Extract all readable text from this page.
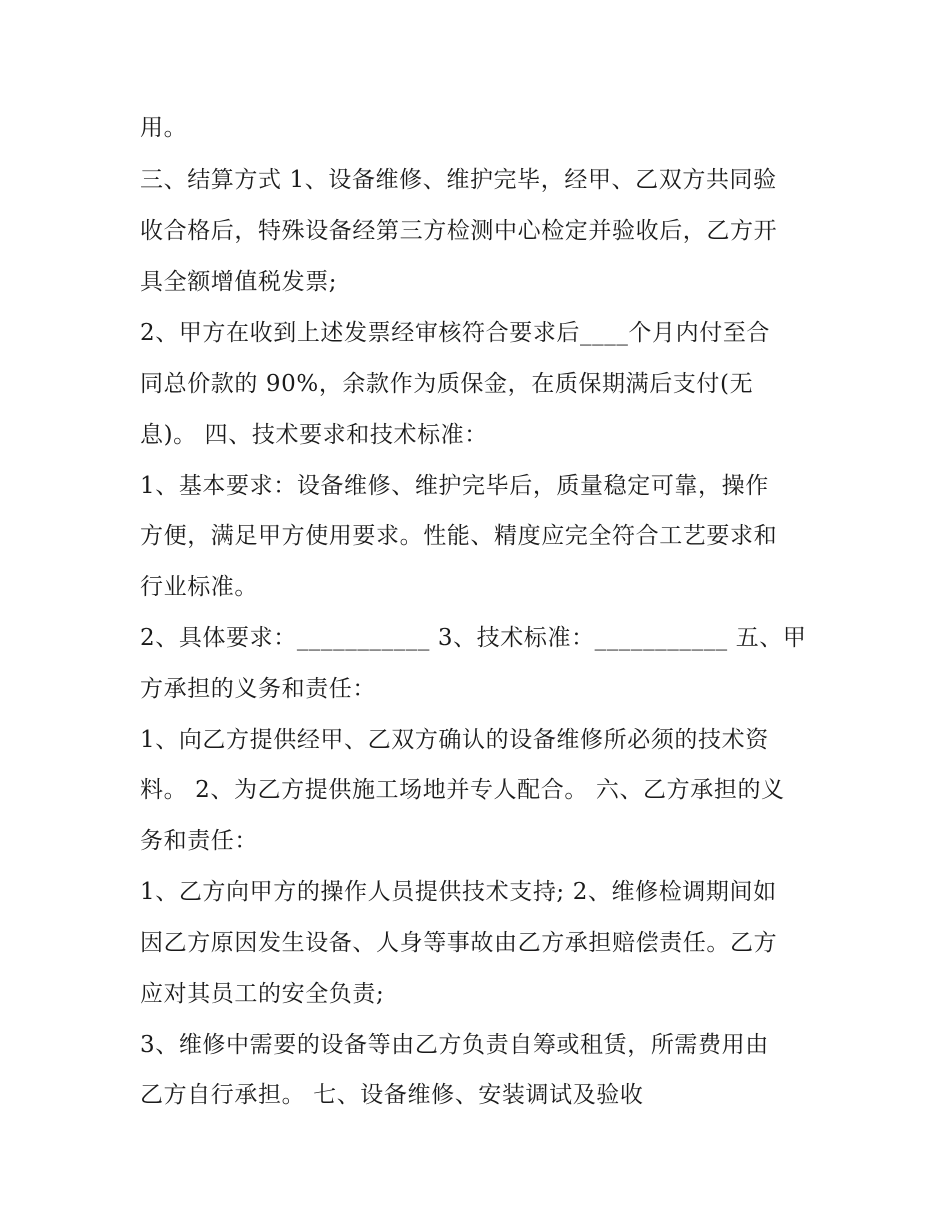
用。
三、结算方式 1、设备维修、维护完毕，经甲、乙双方共同验
收合格后，特殊设备经第三方检测中心检定并验收后，乙方开
具全额增值税发票;
2、甲方在收到上述发票经审核符合要求后____个月内付至合
同总价款的 90%，余款作为质保金，在质保期满后支付(无
息)。 四、技术要求和技术标准：
1、基本要求：设备维修、维护完毕后，质量稳定可靠，操作
方便，满足甲方使用要求。性能、精度应完全符合工艺要求和
行业标准。
2、具体要求：___________ 3、技术标准：___________ 五、甲
方承担的义务和责任：
1、向乙方提供经甲、乙双方确认的设备维修所必须的技术资
料。 2、为乙方提供施工场地并专人配合。 六、乙方承担的义
务和责任：
1、乙方向甲方的操作人员提供技术支持; 2、维修检调期间如
因乙方原因发生设备、人身等事故由乙方承担赔偿责任。乙方
应对其员工的安全负责;
3、维修中需要的设备等由乙方负责自筹或租赁，所需费用由
乙方自行承担。 七、设备维修、安装调试及验收
